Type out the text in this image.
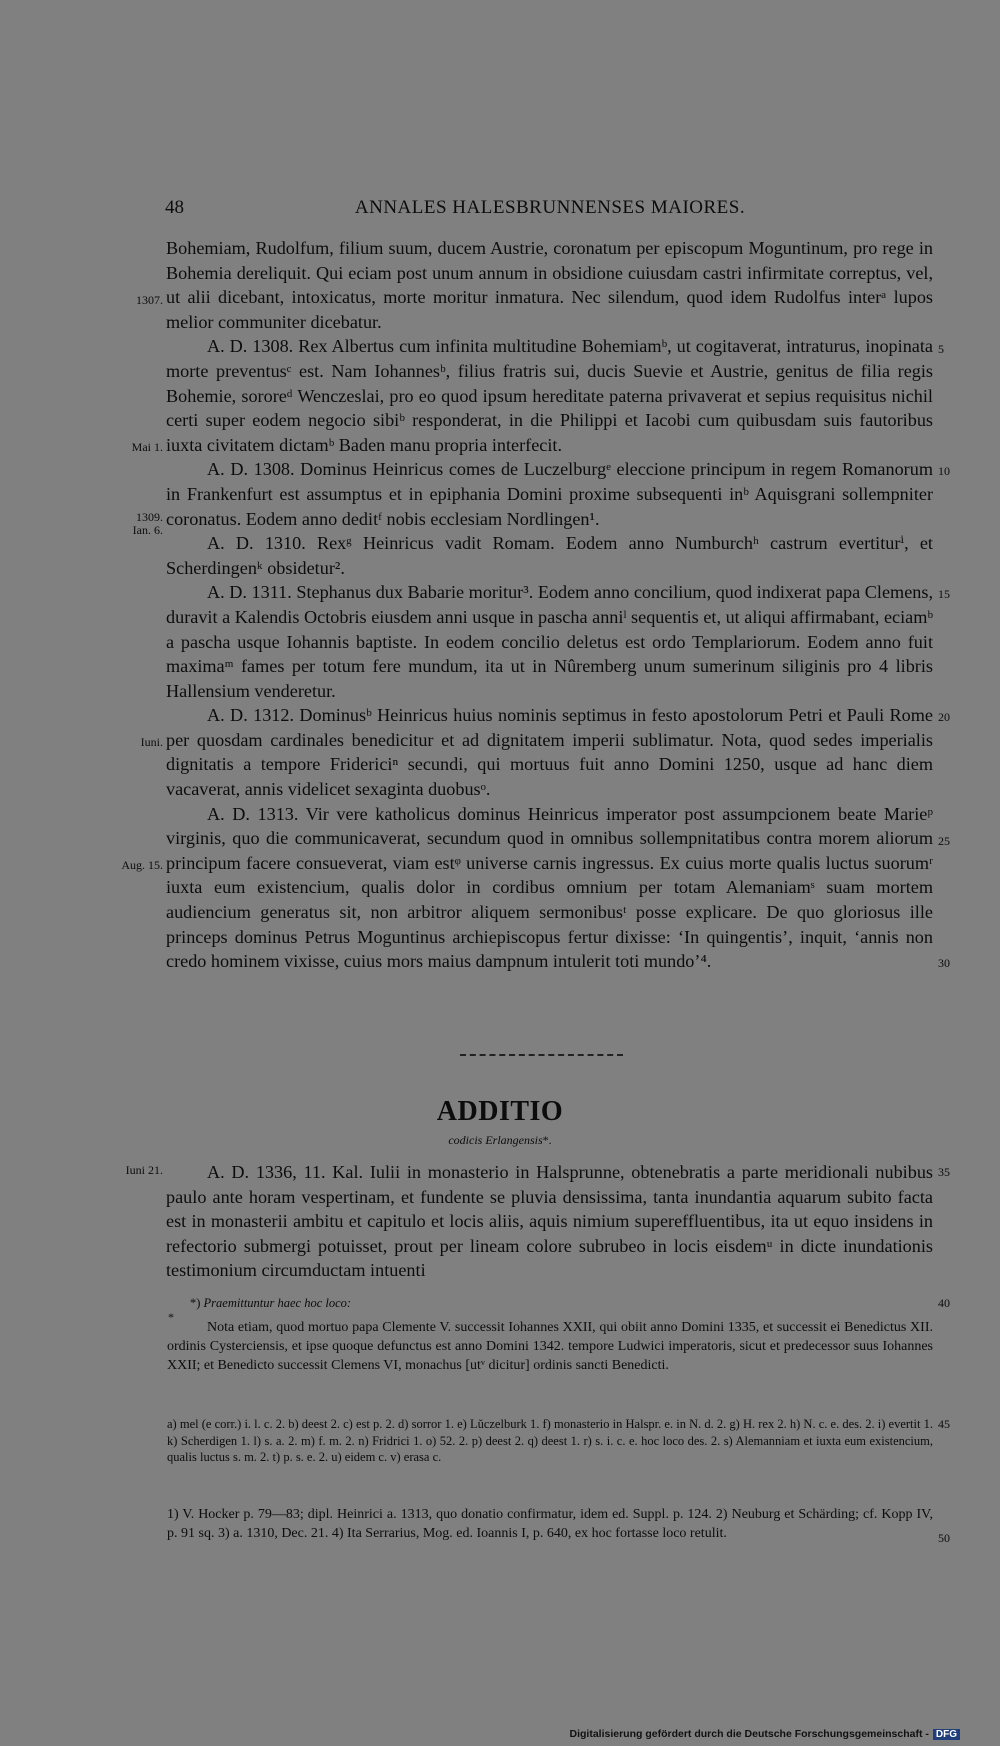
48	ANNALES HALESBRUNNENSES MAIORES.

Bohemiam, Rudolfum, filium suum, ducem Austrie, coronatum per episcopum Moguntinum, pro rege in Bohemia dereliquit. Qui eciam post unum annum in obsidione cuiusdam castri infirmitate correptus, vel, ut alii dicebant, intoxicatus, morte moritur inmatura. Nec silendum, quod idem Rudolfus interᵃ lupos melior communiter dicebatur.

A. D. 1308. Rex Albertus cum infinita multitudine Bohemiamᵇ, ut cogitaverat, intraturus, inopinata morte preventusᶜ est. Nam Iohannesᵇ, filius fratris sui, ducis Suevie et Austrie, genitus de filia regis Bohemie, sororeᵈ Wenczeslai, pro eo quod ipsum hereditate paterna privaverat et sepius requisitus nichil certi super eodem negocio sibiᵇ responderat, in die Philippi et Iacobi cum quibusdam suis fautoribus iuxta civitatem dictamᵇ Baden manu propria interfecit.

A. D. 1308. Dominus Heinricus comes de Luczelburgᵉ eleccione principum in regem Romanorum in Frankenfurt est assumptus et in epiphania Domini proxime subsequenti inᵇ Aquisgrani sollempniter coronatus. Eodem anno deditᶠ nobis ecclesiam Nordlingen¹.

A. D. 1310. Rexᵍ Heinricus vadit Romam. Eodem anno Numburchʰ castrum evertiturⁱ, et Scherdingenᵏ obsidetur².

A. D. 1311. Stephanus dux Babarie moritur³. Eodem anno concilium, quod indixerat papa Clemens, duravit a Kalendis Octobris eiusdem anni usque in pascha anniˡ sequentis et, ut aliqui affirmabant, eciamᵇ a pascha usque Iohannis baptiste. In eodem concilio deletus est ordo Templariorum. Eodem anno fuit maximaᵐ fames per totum fere mundum, ita ut in Nûremberg unum sumerinum siliginis pro 4 libris Hallensium venderetur.

A. D. 1312. Dominusᵇ Heinricus huius nominis septimus in festo apostolorum Petri et Pauli Rome per quosdam cardinales benedicitur et ad dignitatem imperii sublimatur. Nota, quod sedes imperialis dignitatis a tempore Fridericiⁿ secundi, qui mortuus fuit anno Domini 1250, usque ad hanc diem vacaverat, annis videlicet sexaginta duobusᵒ.

A. D. 1313. Vir vere katholicus dominus Heinricus imperator post assumpcionem beate Marieᵖ virginis, quo die communicaverat, secundum quod in omnibus sollempnitatibus contra morem aliorum principum facere consueverat, viam estᵠ universe carnis ingressus. Ex cuius morte qualis luctus suorumʳ iuxta eum existencium, qualis dolor in cordibus omnium per totam Alemaniamˢ suam mortem audiencium generatus sit, non arbitror aliquem sermonibusᵗ posse explicare. De quo gloriosus ille princeps dominus Petrus Moguntinus archiepiscopus fertur dixisse: ‘In quingentis’, inquit, ‘annis non credo hominem vixisse, cuius mors maius dampnum intulerit toti mundo’⁴.

1307.
Mai 1.
1309.
Ian. 6.
Iuni.
Aug. 15.
Iuni 21.
5
10
15
20
25
30
35
40
45
50
ADDITIO
codicis Erlangensis*.
A. D. 1336, 11. Kal. Iulii in monasterio in Halsprunne, obtenebratis a parte meridionali nubibus paulo ante horam vespertinam, et fundente se pluvia densissima, tanta inundantia aquarum subito facta est in monasterii ambitu et capitulo et locis aliis, aquis nimium supereffluentibus, ita ut equo insidens in refectorio submergi potuisset, prout per lineam colore subrubeo in locis eisdemᵘ in dicte inundationis testimonium circumductam intuenti
*) Praemittuntur haec hoc loco:
*
Nota etiam, quod mortuo papa Clemente V. successit Iohannes XXII, qui obiit anno Domini 1335, et successit ei Benedictus XII. ordinis Cysterciensis, et ipse quoque defunctus est anno Domini 1342. tempore Ludwici imperatoris, sicut et predecessor suus Iohannes XXII; et Benedicto successit Clemens VI, monachus [utᵛ dicitur] ordinis sancti Benedicti.
a) mel (e corr.) i. l. c. 2. b) deest 2. c) est p. 2. d) sorror 1. e) Lŭczelburk 1. f) monasterio in Halspr. e. in N. d. 2. g) H. rex 2. h) N. c. e. des. 2. i) evertit 1. k) Scherdigen 1. l) s. a. 2. m) f. m. 2. n) Fridrici 1. o) 52. 2. p) deest 2. q) deest 1. r) s. i. c. e. hoc loco des. 2. s) Alemanniam et iuxta eum existencium, qualis luctus s. m. 2. t) p. s. e. 2. u) eidem c. v) erasa c.
1) V. Hocker p. 79—83; dipl. Heinrici a. 1313, quo donatio confirmatur, idem ed. Suppl. p. 124. 2) Neuburg et Schärding; cf. Kopp IV, p. 91 sq. 3) a. 1310, Dec. 21. 4) Ita Serrarius, Mog. ed. Ioannis I, p. 640, ex hoc fortasse loco retulit.
Digitalisierung gefördert durch die Deutsche Forschungsgemeinschaft - DFG
